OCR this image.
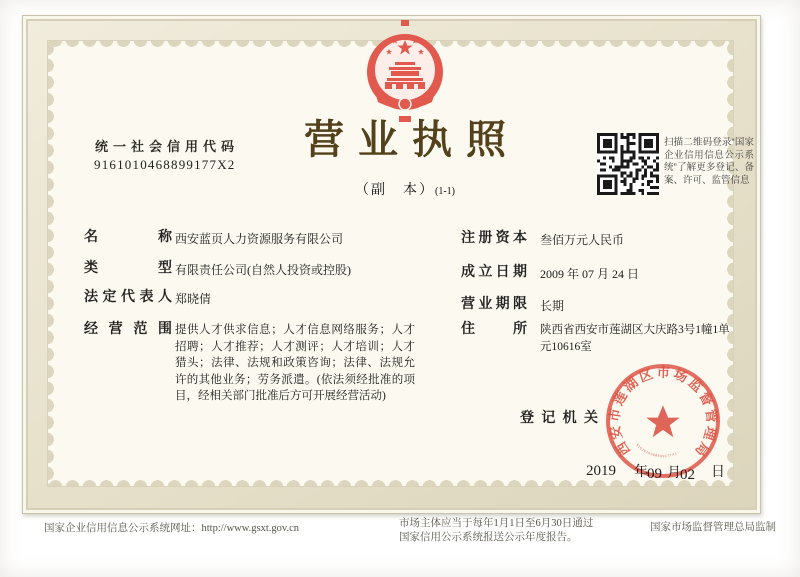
统一社会信用代码
9161010468899177X2
营业执照
（副　本）(1-1)
扫描二维码登录“国家企业信用信息公示系统”了解更多登记、备案、许可、监管信息
名称 西安蓝页人力资源服务有限公司
类型 有限责任公司(自然人投资或控股)
法定代表人 郑晓倩
经营范围 提供人才供求信息；人才信息网络服务；人才招聘；人才推荐；人才测评；人才培训；人才猎头；法律、法规和政策咨询；法律、法规允许的其他业务；劳务派遣。(依法须经批准的项目，经相关部门批准后方可开展经营活动)
注册资本 叁佰万元人民币
成立日期 2009 年 07 月 24 日
营业期限 长期
住所 陕西省西安市莲湖区大庆路3号1幢1单元10616室
登记机关
2019 年 09 月 02 日
西安市莲湖区市场监督管理局
9161010468899177X2
国家企业信用信息公示系统网址：http://www.gsxt.gov.cn	市场主体应当于每年1月1日至6月30日通过
国家信用公示系统报送公示年度报告。
国家市场监督管理总局监制
